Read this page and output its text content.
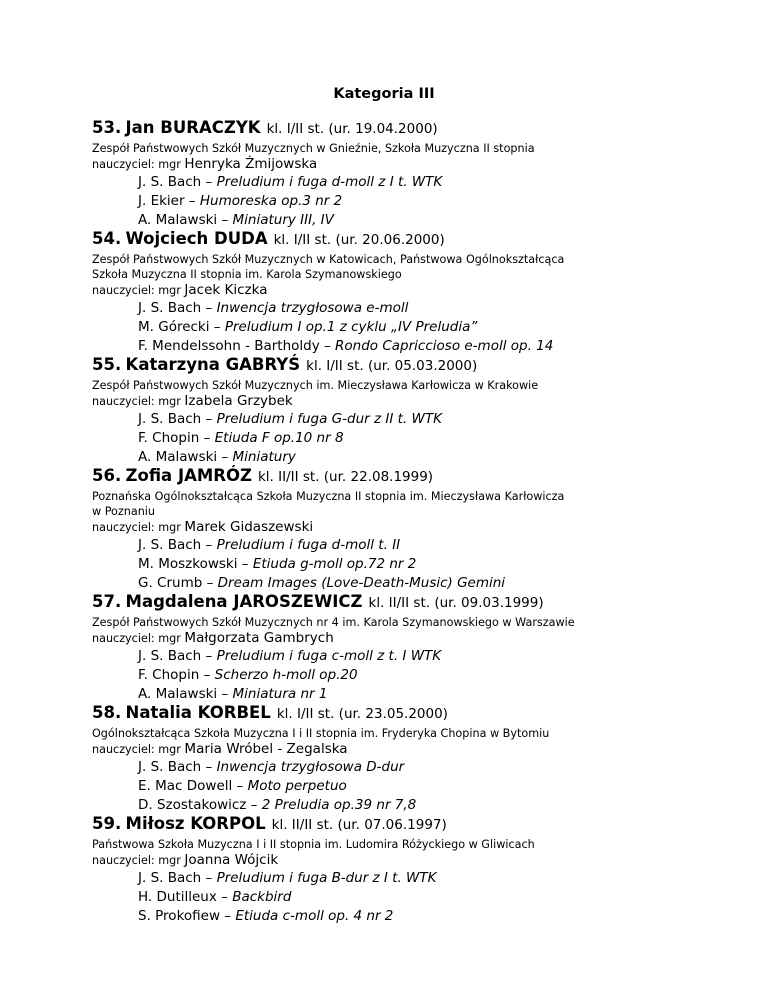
Kategoria III
53. Jan BURACZYK kl. I/II st. (ur. 19.04.2000)
Zespół Państwowych Szkół Muzycznych w Gnieźnie, Szkoła Muzyczna II stopnia
nauczyciel: mgr Henryka Żmijowska
J. S. Bach – Preludium i fuga d-moll z I t. WTK
J. Ekier – Humoreska op.3 nr 2
A. Malawski – Miniatury III, IV
54. Wojciech DUDA kl. I/II st. (ur. 20.06.2000)
Zespół Państwowych Szkół Muzycznych w Katowicach, Państwowa Ogólnokształcąca
Szkoła Muzyczna II stopnia im. Karola Szymanowskiego
nauczyciel: mgr Jacek Kiczka
J. S. Bach – Inwencja trzygłosowa e-moll
M. Górecki – Preludium I op.1 z cyklu „IV Preludia”
F. Mendelssohn - Bartholdy – Rondo Capriccioso e-moll op. 14
55. Katarzyna GABRYŚ kl. I/II st. (ur. 05.03.2000)
Zespół Państwowych Szkół Muzycznych im. Mieczysława Karłowicza w Krakowie
nauczyciel: mgr Izabela Grzybek
J. S. Bach – Preludium i fuga G-dur z II t. WTK
F. Chopin – Etiuda F op.10 nr 8
A. Malawski – Miniatury
56. Zofia JAMRÓZ kl. II/II st. (ur. 22.08.1999)
Poznańska Ogólnokształcąca Szkoła Muzyczna II stopnia im. Mieczysława Karłowicza
w Poznaniu
nauczyciel: mgr Marek Gidaszewski
J. S. Bach – Preludium i fuga d-moll t. II
M. Moszkowski – Etiuda g-moll op.72 nr 2
G. Crumb – Dream Images (Love-Death-Music) Gemini
57. Magdalena JAROSZEWICZ kl. II/II st. (ur. 09.03.1999)
Zespół Państwowych Szkół Muzycznych nr 4 im. Karola Szymanowskiego w Warszawie
nauczyciel: mgr Małgorzata Gambrych
J. S. Bach – Preludium i fuga c-moll z t. I WTK
F. Chopin – Scherzo h-moll op.20
A. Malawski – Miniatura nr 1
58. Natalia KORBEL kl. I/II st. (ur. 23.05.2000)
Ogólnokształcąca Szkoła Muzyczna I i II stopnia im. Fryderyka Chopina w Bytomiu
nauczyciel: mgr Maria Wróbel - Zegalska
J. S. Bach – Inwencja trzygłosowa D-dur
E. Mac Dowell – Moto perpetuo
D. Szostakowicz – 2 Preludia op.39 nr 7,8
59. Miłosz KORPOL kl. II/II st. (ur. 07.06.1997)
Państwowa Szkoła Muzyczna I i II stopnia im. Ludomira Różyckiego w Gliwicach
nauczyciel: mgr Joanna Wójcik
J. S. Bach – Preludium i fuga B-dur z I t. WTK
H. Dutilleux – Backbird
S. Prokofiew – Etiuda c-moll op. 4 nr 2
